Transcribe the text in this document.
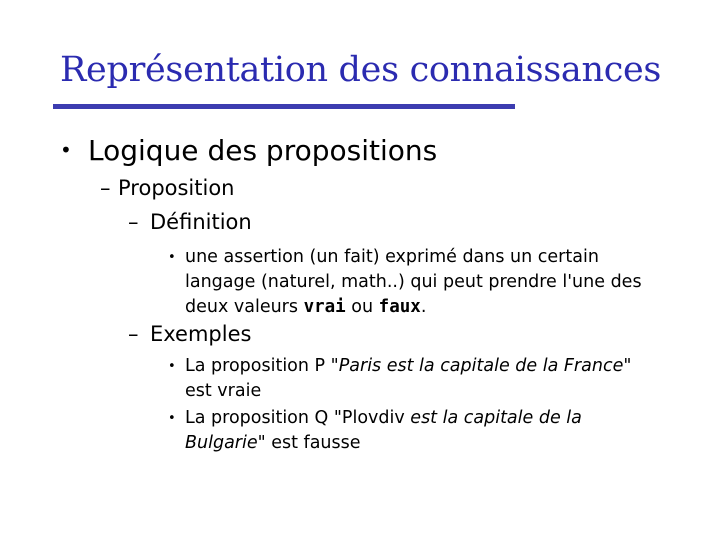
Représentation des connaissances
• Logique des propositions
– Proposition
– Définition
• une assertion (un fait) exprimé dans un certain
langage (naturel, math..) qui peut prendre l'une des
deux valeurs vrai ou faux.
– Exemples
• La proposition P "Paris est la capitale de la France"
est vraie
• La proposition Q "Plovdiv est la capitale de la
Bulgarie" est fausse
